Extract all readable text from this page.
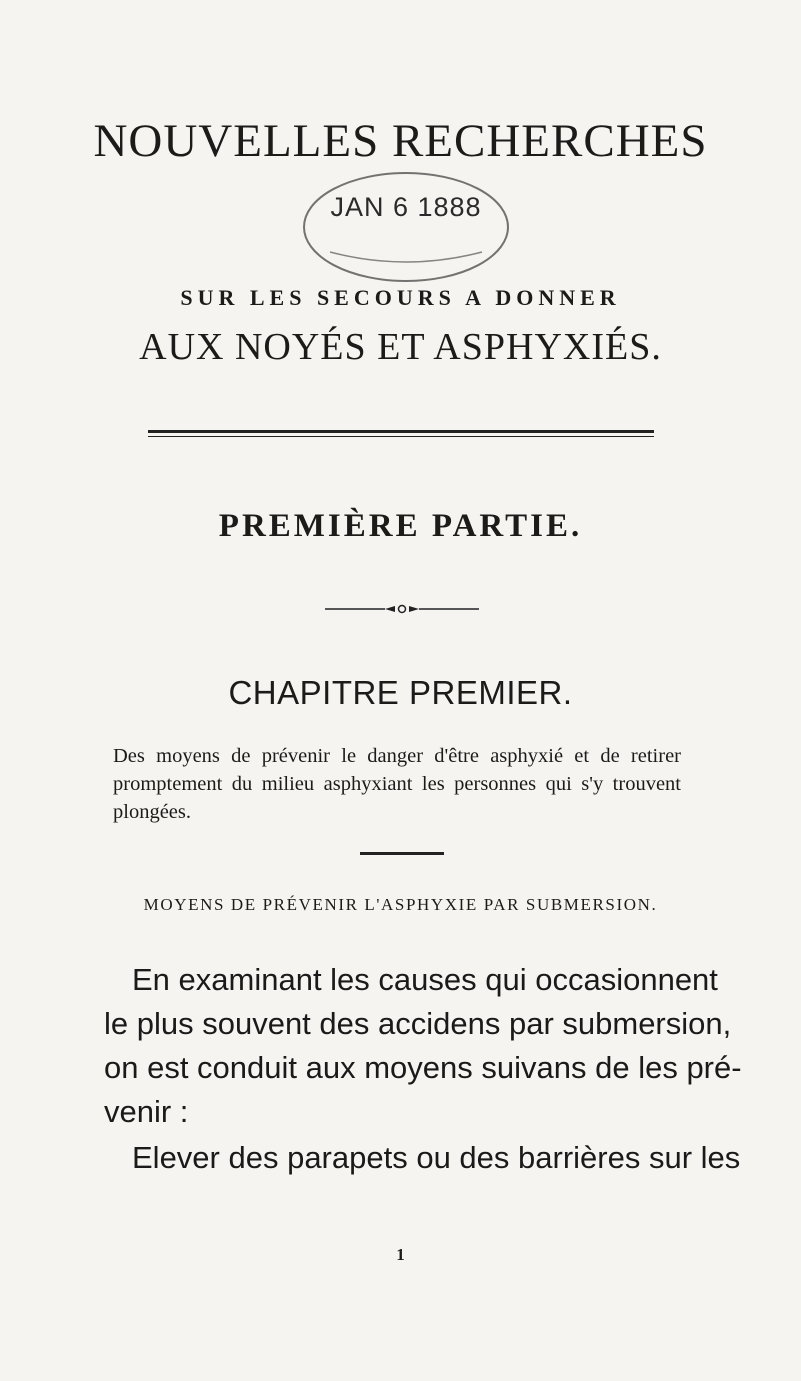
NOUVELLES RECHERCHES
JAN 6 1888
SUR LES SECOURS A DONNER
AUX NOYÉS ET ASPHYXIÉS.
PREMIÈRE PARTIE.
CHAPITRE PREMIER.

Des moyens de prévenir le danger d'être asphyxié et de retirer promptement du milieu asphyxiant les personnes qui s'y trouvent plongées.

MOYENS DE PRÉVENIR L'ASPHYXIE PAR SUBMERSION.
En examinant les causes qui occasionnent
le plus souvent des accidens par submersion,
on est conduit aux moyens suivans de les pré-
venir :
Elever des parapets ou des barrières sur les
1
